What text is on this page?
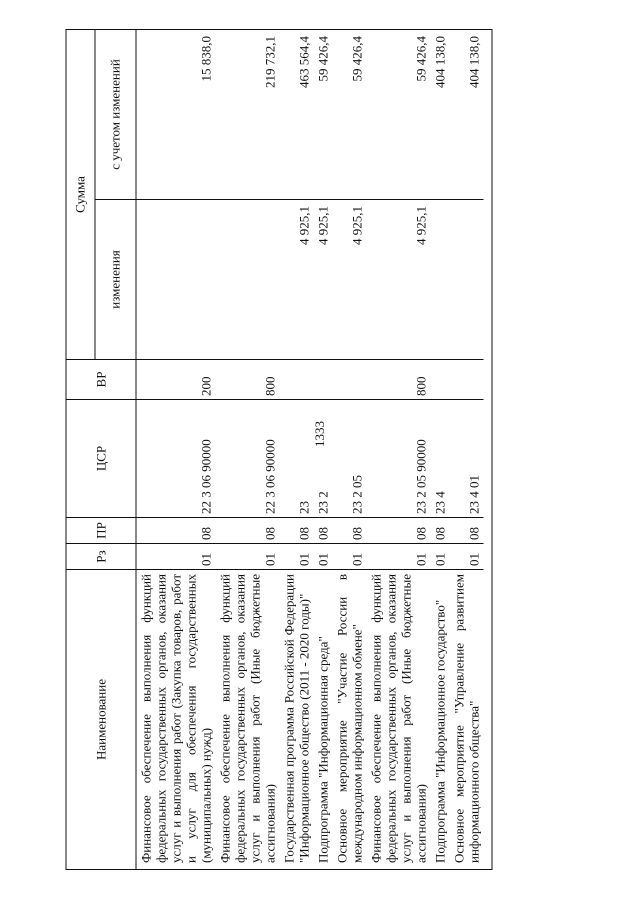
1333
Наименование	Рз	ПР	ЦСР	ВР	Сумма	
					изменения	с учетом изменений
Финансовое обеспечение выполнения функций федеральных государственных органов, оказания услуг и выполнения работ (Закупка товаров, работ и услуг для обеспечения государственных (муниципальных) нужд)	01	08	22 3 06 90000	200		15 838,0
Финансовое обеспечение выполнения функций федеральных государственных органов, оказания услуг и выполнения работ (Иные бюджетные ассигнования)	01	08	22 3 06 90000	800		219 732,1
Государственная программа Российской Федерации "Информационное общество (2011 - 2020 годы)"	01	08	23		4 925,1	463 564,4
Подпрограмма "Информационная среда"	01	08	23 2		4 925,1	59 426,4
Основное мероприятие "Участие России в международном информационном обмене"	01	08	23 2 05		4 925,1	59 426,4
Финансовое обеспечение выполнения функций федеральных государственных органов, оказания услуг и выполнения работ (Иные бюджетные ассигнования)	01	08	23 2 05 90000	800	4 925,1	59 426,4
Подпрограмма "Информационное государство"	01	08	23 4			404 138,0
Основное мероприятие "Управление развитием информационного общества"	01	08	23 4 01			404 138,0
